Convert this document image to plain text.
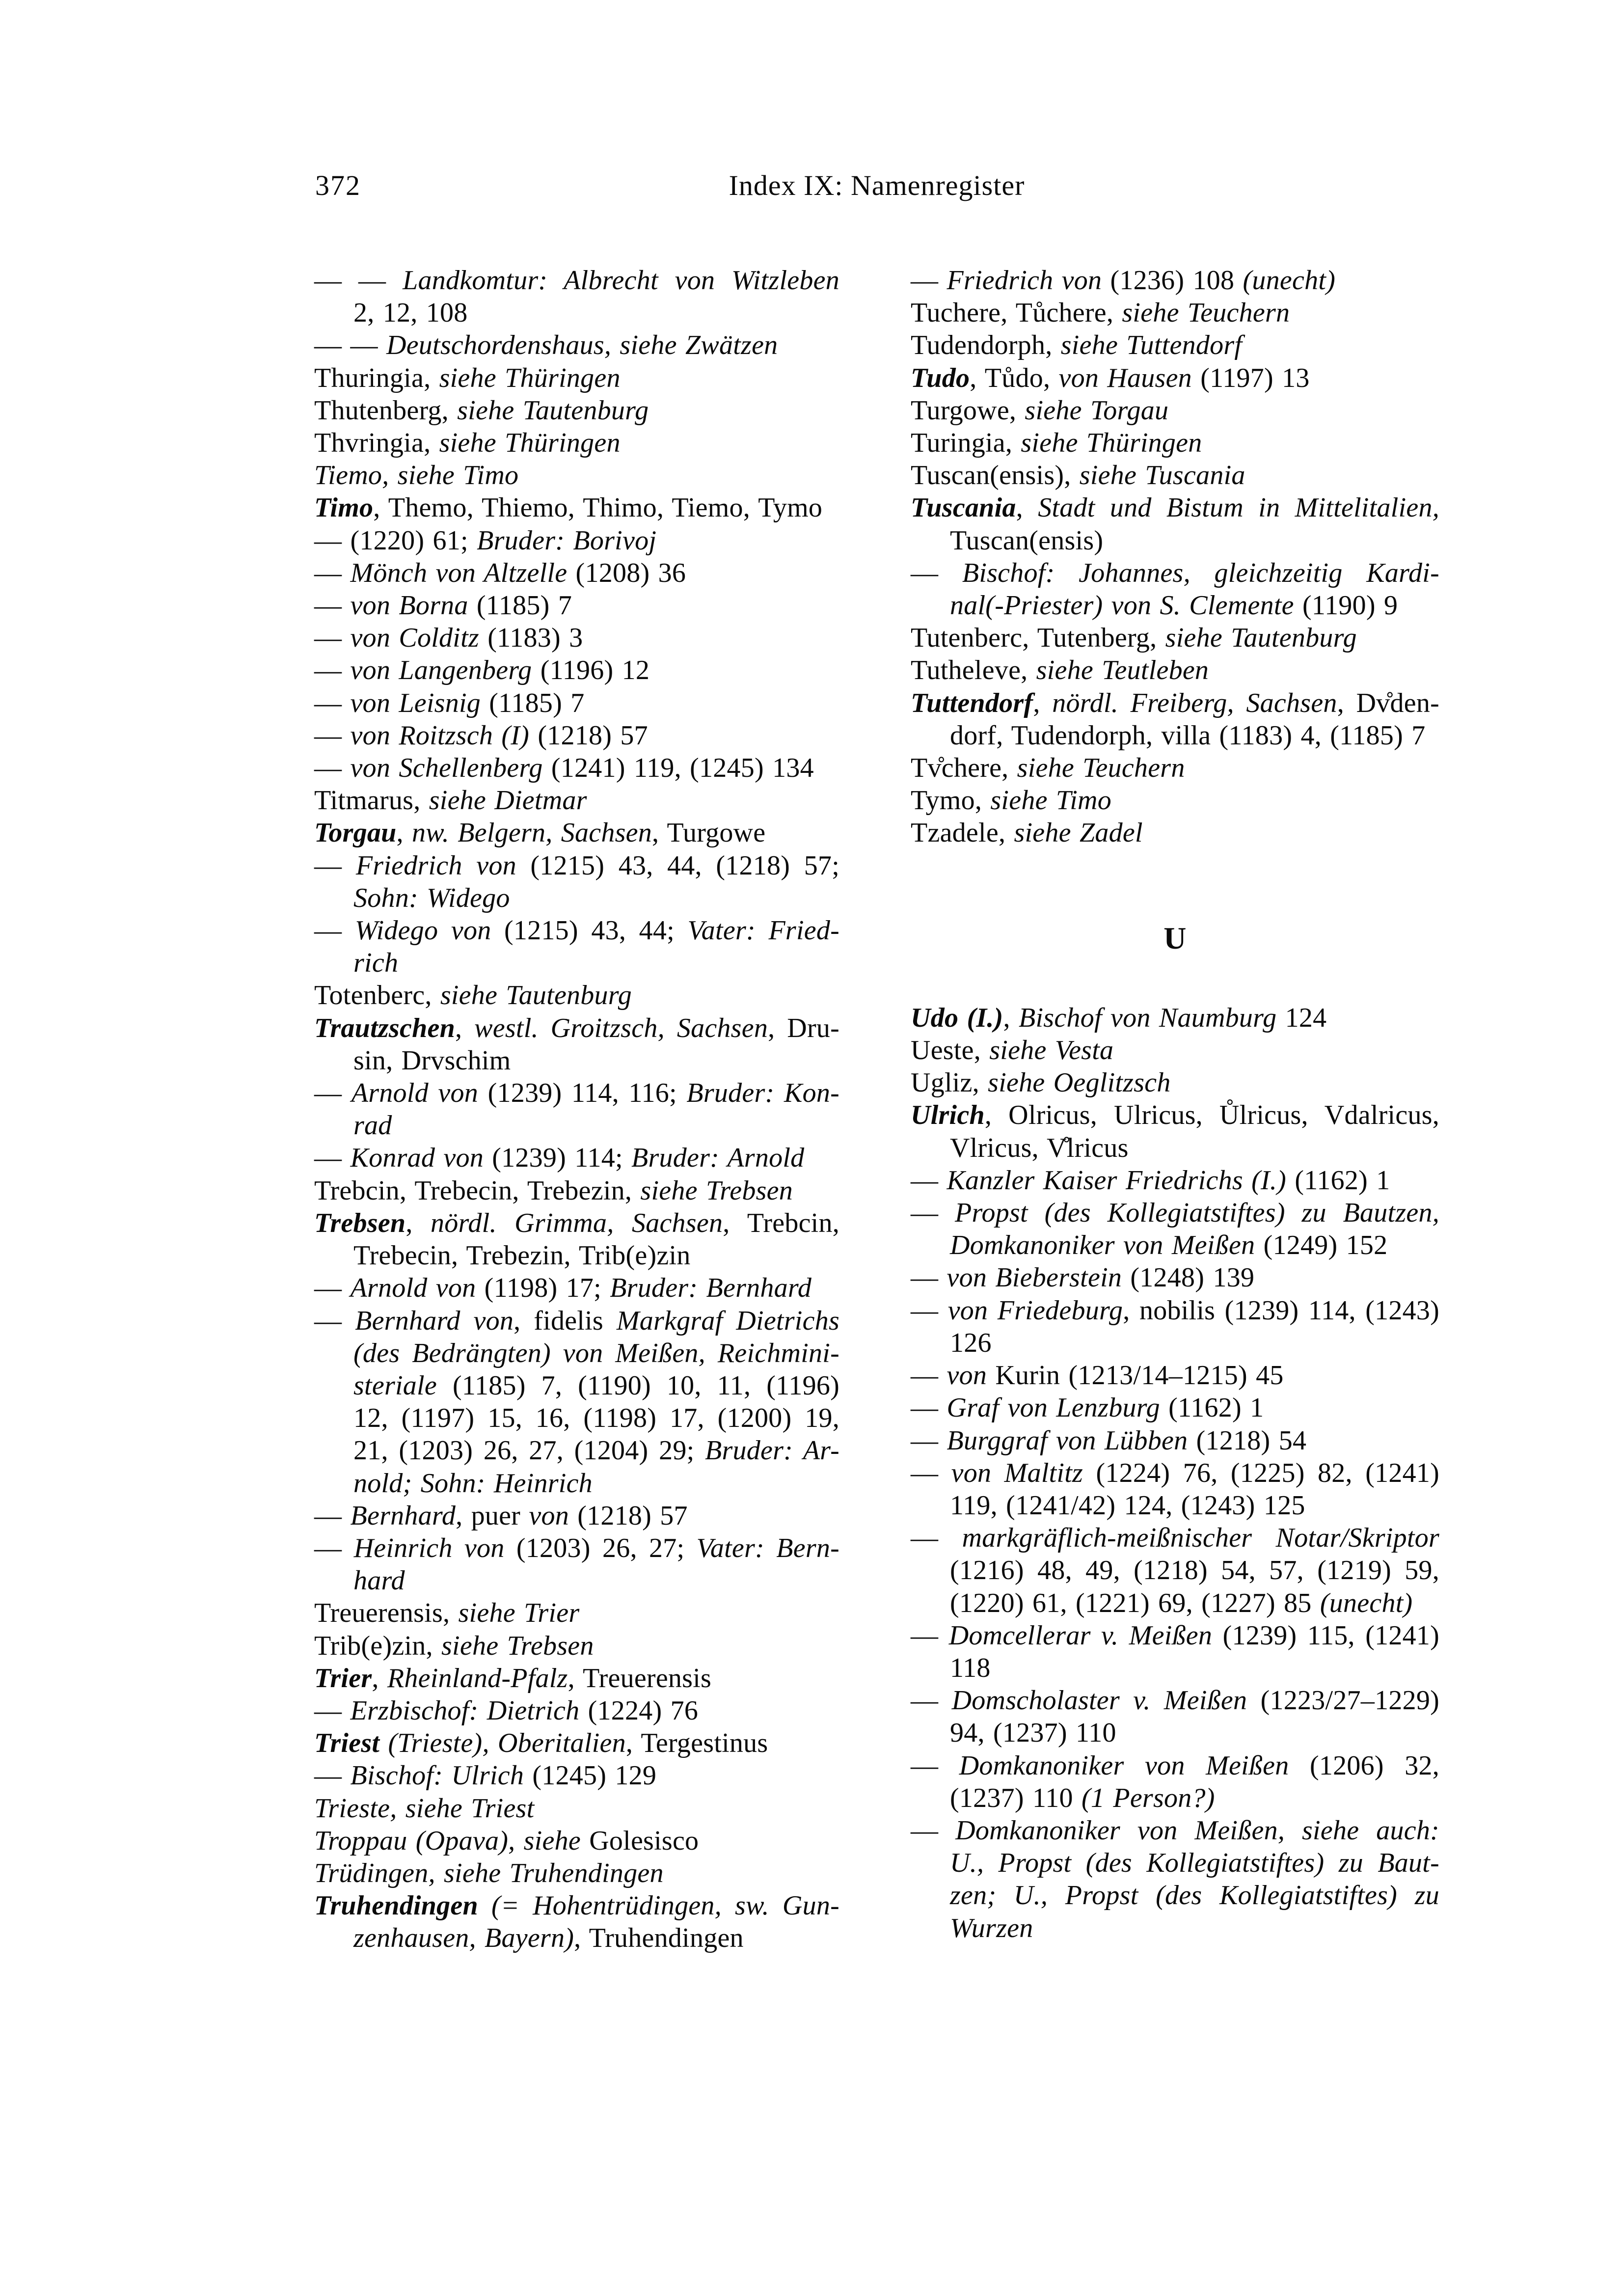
372	Index IX: Namenregister
— — Landkomtur: Albrecht von Witzleben
2, 12, 108
— — Deutschordenshaus, siehe Zwätzen
Thuringia, siehe Thüringen
Thutenberg, siehe Tautenburg
Thvringia, siehe Thüringen
Tiemo, siehe Timo
Timo, Themo, Thiemo, Thimo, Tiemo, Tymo
— (1220) 61; Bruder: Borivoj
— Mönch von Altzelle (1208) 36
— von Borna (1185) 7
— von Colditz (1183) 3
— von Langenberg (1196) 12
— von Leisnig (1185) 7
— von Roitzsch (I) (1218) 57
— von Schellenberg (1241) 119, (1245) 134
Titmarus, siehe Dietmar
Torgau, nw. Belgern, Sachsen, Turgowe
— Friedrich von (1215) 43, 44, (1218) 57;
Sohn: Widego
— Widego von (1215) 43, 44; Vater: Fried-
rich
Totenberc, siehe Tautenburg
Trautzschen, westl. Groitzsch, Sachsen, Dru-
sin, Drvschim
— Arnold von (1239) 114, 116; Bruder: Kon-
rad
— Konrad von (1239) 114; Bruder: Arnold
Trebcin, Trebecin, Trebezin, siehe Trebsen
Trebsen, nördl. Grimma, Sachsen, Trebcin,
Trebecin, Trebezin, Trib(e)zin
— Arnold von (1198) 17; Bruder: Bernhard
— Bernhard von, fidelis Markgraf Dietrichs
(des Bedrängten) von Meißen, Reichmini-
steriale (1185) 7, (1190) 10, 11, (1196)
12, (1197) 15, 16, (1198) 17, (1200) 19,
21, (1203) 26, 27, (1204) 29; Bruder: Ar-
nold; Sohn: Heinrich
— Bernhard, puer von (1218) 57
— Heinrich von (1203) 26, 27; Vater: Bern-
hard
Treuerensis, siehe Trier
Trib(e)zin, siehe Trebsen
Trier, Rheinland-Pfalz, Treuerensis
— Erzbischof: Dietrich (1224) 76
Triest (Trieste), Oberitalien, Tergestinus
— Bischof: Ulrich (1245) 129
Trieste, siehe Triest
Troppau (Opava), siehe Golesisco
Trüdingen, siehe Truhendingen
Truhendingen (= Hohentrüdingen, sw. Gun-
zenhausen, Bayern), Truhendingen
— Friedrich von (1236) 108 (unecht)
Tuchere, Tůchere, siehe Teuchern
Tudendorph, siehe Tuttendorf
Tudo, Tůdo, von Hausen (1197) 13
Turgowe, siehe Torgau
Turingia, siehe Thüringen
Tuscan(ensis), siehe Tuscania
Tuscania, Stadt und Bistum in Mittelitalien,
Tuscan(ensis)
— Bischof: Johannes, gleichzeitig Kardi-
nal(-Priester) von S. Clemente (1190) 9
Tutenberc, Tutenberg, siehe Tautenburg
Tutheleve, siehe Teutleben
Tuttendorf, nördl. Freiberg, Sachsen, Dv̊den-
dorf, Tudendorph, villa (1183) 4, (1185) 7
Tv̊chere, siehe Teuchern
Tymo, siehe Timo
Tzadele, siehe Zadel
U
Udo (I.), Bischof von Naumburg 124
Ueste, siehe Vesta
Ugliz, siehe Oeglitzsch
Ulrich, Olricus, Ulricus, Ůlricus, Vdalricus,
Vlricus, V̊lricus
— Kanzler Kaiser Friedrichs (I.) (1162) 1
— Propst (des Kollegiatstiftes) zu Bautzen,
Domkanoniker von Meißen (1249) 152
— von Bieberstein (1248) 139
— von Friedeburg, nobilis (1239) 114, (1243)
126
— von Kurin (1213/14–1215) 45
— Graf von Lenzburg (1162) 1
— Burggraf von Lübben (1218) 54
— von Maltitz (1224) 76, (1225) 82, (1241)
119, (1241/42) 124, (1243) 125
— markgräflich-meißnischer Notar/Skriptor
(1216) 48, 49, (1218) 54, 57, (1219) 59,
(1220) 61, (1221) 69, (1227) 85 (unecht)
— Domcellerar v. Meißen (1239) 115, (1241)
118
— Domscholaster v. Meißen (1223/27–1229)
94, (1237) 110
— Domkanoniker von Meißen (1206) 32,
(1237) 110 (1 Person?)
— Domkanoniker von Meißen, siehe auch:
U., Propst (des Kollegiatstiftes) zu Baut-
zen; U., Propst (des Kollegiatstiftes) zu
Wurzen
